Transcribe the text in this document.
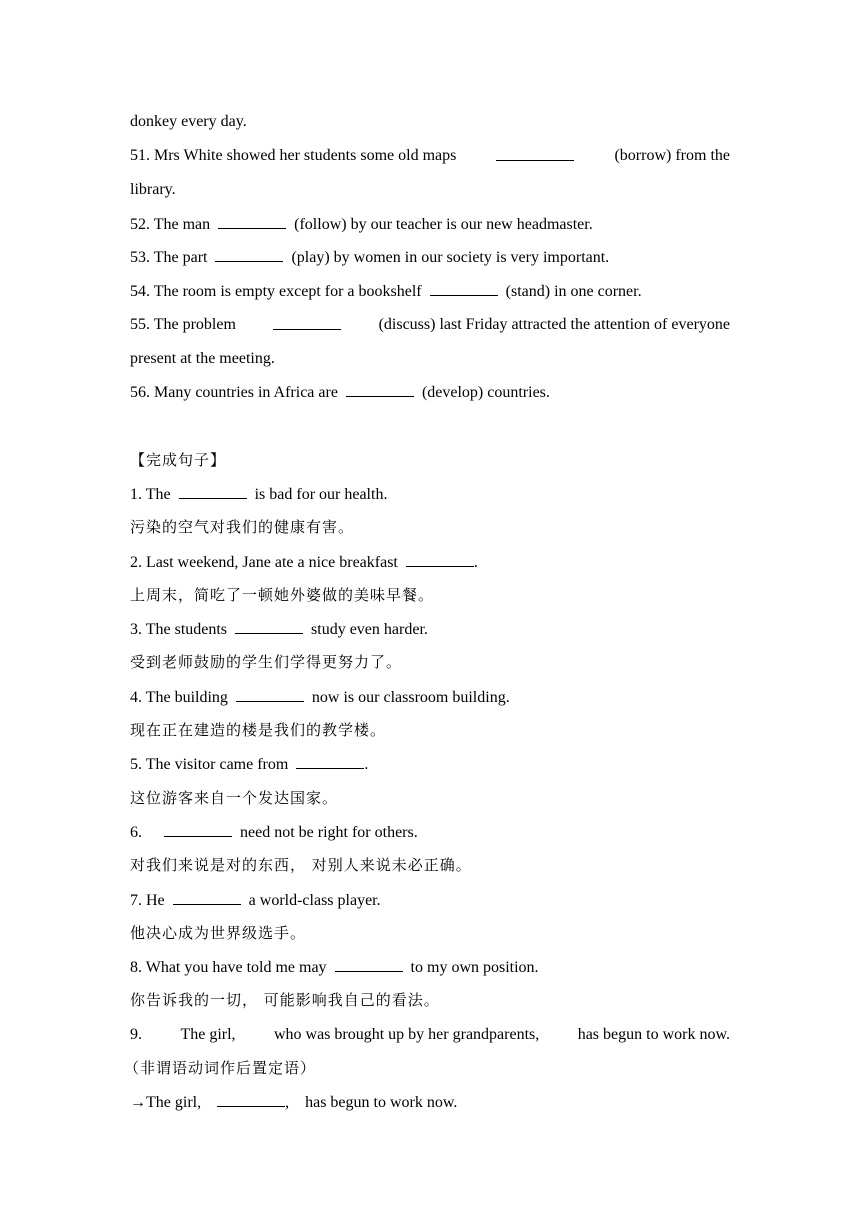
donkey every day.
51. Mrs White showed her students some old maps	(borrow) from the
library.
52. The man	(follow) by our teacher is our new headmaster.
53. The part	(play) by women in our society is very important.
54. The room is empty except for a bookshelf	(stand) in one corner.
55. The problem	(discuss) last Friday attracted the attention of everyone
present at the meeting.
56. Many countries in Africa are	(develop) countries.
【完成句子】
1. The	is bad for our health.
污染的空气对我们的健康有害。
2. Last weekend, Jane ate a nice breakfast	.
上周末，简吃了一顿她外婆做的美味早餐。
3. The students	study even harder.
受到老师鼓励的学生们学得更努力了。
4. The building	now is our classroom building.
现在正在建造的楼是我们的教学楼。
5. The visitor came from	.
这位游客来自一个发达国家。
6.	need not be right for others.
对我们来说是对的东西， 对别人来说未必正确。
7. He	a world-class player.
他决心成为世界级选手。
8. What you have told me may	to my own position.
你告诉我的一切， 可能影响我自己的看法。
9. The girl, who was brought up by her grandparents, has begun to work now.
（非谓语动词作后置定语）
→The girl,	, has begun to work now.
